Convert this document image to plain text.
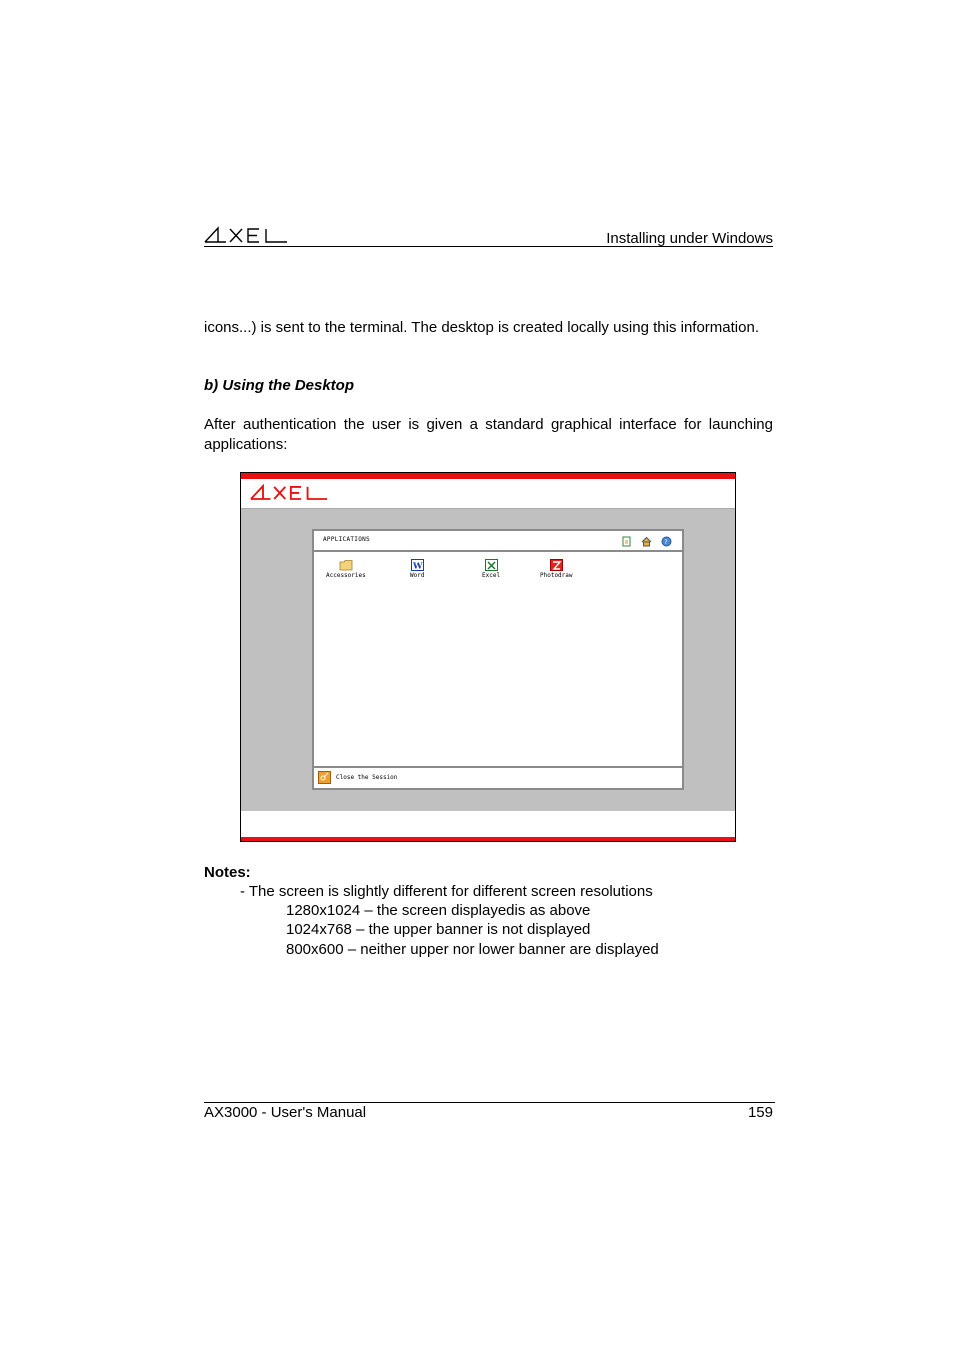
Installing under Windows

icons...) is sent to the terminal. The desktop is created locally using this information.

b) Using the Desktop

After authentication the user is given a standard graphical interface for launching applications:

APPLICATIONS	?
Accessories
W
Word	Excel	Photodraw
Close the Session

Notes:

- The screen is slightly different for different screen resolutions

1280x1024 – the screen displayedis as above

1024x768 – the upper banner is not displayed

800x600 – neither upper nor lower banner are displayed

AX3000 - User's Manual	159
